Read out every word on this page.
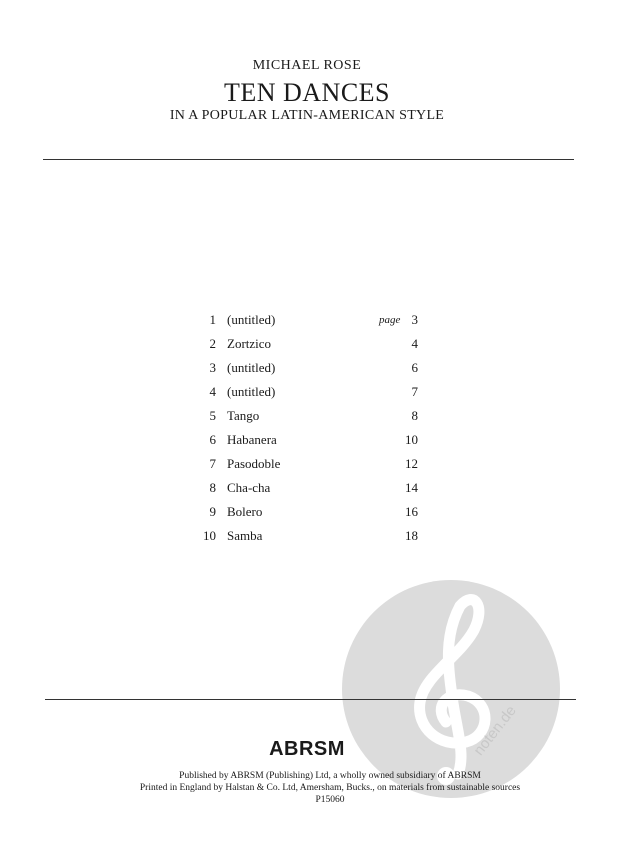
MICHAEL ROSE
TEN DANCES
IN A POPULAR LATIN-AMERICAN STYLE
1 (untitled)	page 3
2 Zortzico	4
3 (untitled)	6
4 (untitled)	7
5 Tango	8
6 Habanera	10
7 Pasodoble	12
8 Cha-cha	14
9 Bolero	16
10 Samba	18
noten.de
ABRSM
Published by ABRSM (Publishing) Ltd, a wholly owned subsidiary of ABRSM
Printed in England by Halstan & Co. Ltd, Amersham, Bucks., on materials from sustainable sources
P15060
